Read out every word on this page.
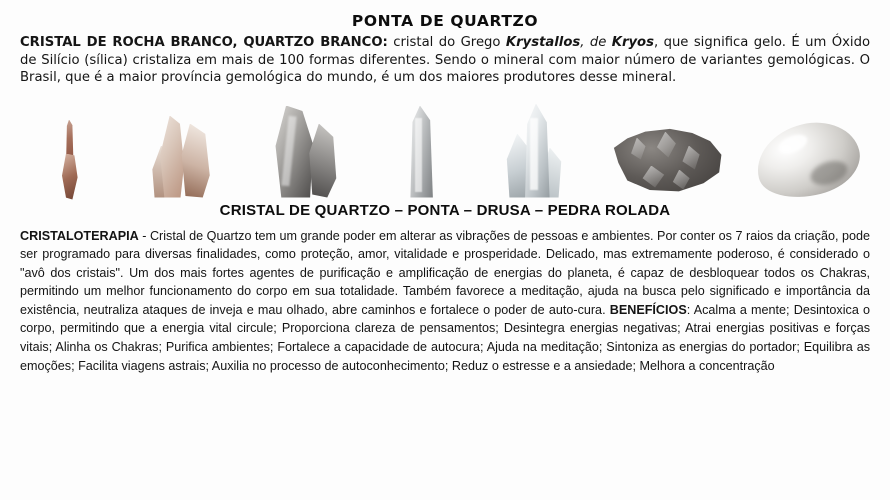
PONTA DE QUARTZO

CRISTAL DE ROCHA BRANCO, QUARTZO BRANCO: cristal do Grego Krystallos, de Kryos, que significa gelo. É um Óxido de Silício (sílica) cristaliza em mais de 100 formas diferentes. Sendo o mineral com maior número de variantes gemológicas. O Brasil, que é a maior província gemológica do mundo, é um dos maiores produtores desse mineral.

CRISTAL DE QUARTZO – PONTA – DRUSA – PEDRA ROLADA

CRISTALOTERAPIA - Cristal de Quartzo tem um grande poder em alterar as vibrações de pessoas e ambientes. Por conter os 7 raios da criação, pode ser programado para diversas finalidades, como proteção, amor, vitalidade e prosperidade. Delicado, mas extremamente poderoso, é considerado o "avô dos cristais". Um dos mais fortes agentes de purificação e amplificação de energias do planeta, é capaz de desbloquear todos os Chakras, permitindo um melhor funcionamento do corpo em sua totalidade. Também favorece a meditação, ajuda na busca pelo significado e importância da existência, neutraliza ataques de inveja e mau olhado, abre caminhos e fortalece o poder de auto-cura. BENEFÍCIOS: Acalma a mente; Desintoxica o corpo, permitindo que a energia vital circule; Proporciona clareza de pensamentos; Desintegra energias negativas; Atrai energias positivas e forças vitais; Alinha os Chakras; Purifica ambientes; Fortalece a capacidade de autocura; Ajuda na meditação; Sintoniza as energias do portador; Equilibra as emoções; Facilita viagens astrais; Auxilia no processo de autoconhecimento; Reduz o estresse e a ansiedade; Melhora a concentração
